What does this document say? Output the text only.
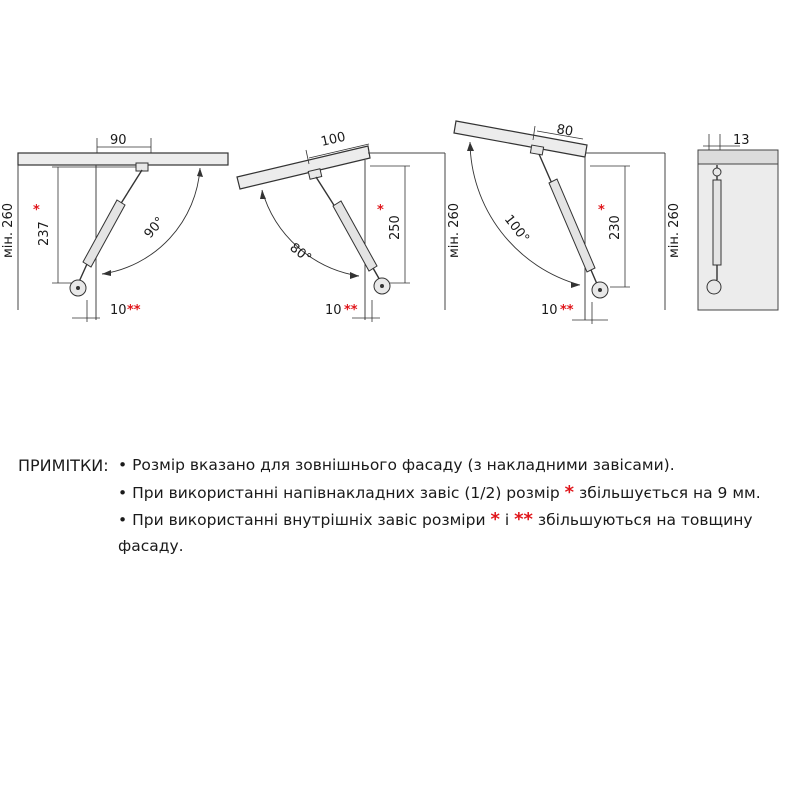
90
237
*
мін. 260	90°
10 **
100
250
*	мін. 260
80°
10 **
80
230
*	мін. 260
100°
10 **
13
ПРИМІТКИ: • Розмір вказано для зовнішнього фасаду (з накладними завісами).
• При використанні напівнакладних завіс (1/2) розмір * збільшується на 9 мм.
• При використанні внутрішніх завіс розміри * і ** збільшуються на товщину
фасаду.
